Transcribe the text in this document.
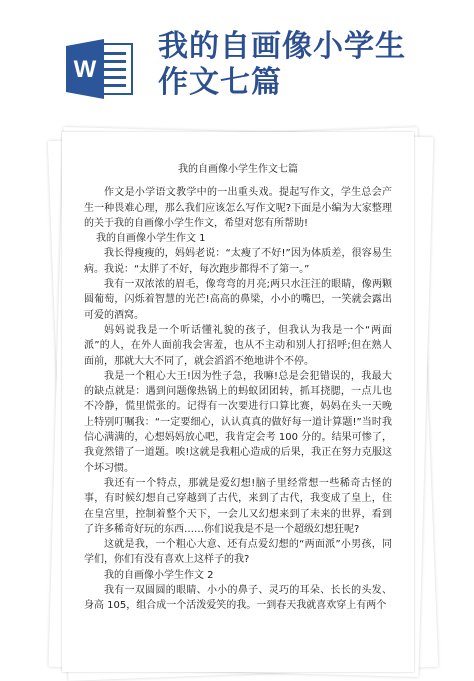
W
我的自画像小学生
作文七篇
我的自画像小学生作文七篇

作文是小学语文教学中的一出重头戏。提起写作文，学生总会产生一种畏难心理，那么我们应该怎么写作文呢?下面是小编为大家整理的关于我的自画像小学生作文，希望对您有所帮助!

我的自画像小学生作文 1

我长得瘦瘦的，妈妈老说：“太瘦了不好!”因为体质差，很容易生病。我说：“太胖了不好，每次跑步都得不了第一。”

我有一双浓浓的眉毛，像弯弯的月亮;两只水汪汪的眼睛，像两颗圆葡萄，闪烁着智慧的光芒!高高的鼻梁，小小的嘴巴，一笑就会露出可爱的酒窝。

妈妈说我是一个听话懂礼貌的孩子，但我认为我是一个“两面派”的人，在外人面前我会害羞，也从不主动和别人打招呼;但在熟人面前，那就大大不同了，就会滔滔不绝地讲个不停。

我是一个粗心大王!因为性子急，我嘛!总是会犯错误的，我最大的缺点就是：遇到问题像热锅上的蚂蚁团团转，抓耳挠腮，一点儿也不冷静，慌里慌张的。记得有一次要进行口算比赛，妈妈在头一天晚上特别叮嘱我：“一定要细心，认认真真的做好每一道计算题!”当时我信心满满的，心想妈妈放心吧，我肯定会考 100 分的。结果可惨了，我竟然错了一道题。唉!这就是我粗心造成的后果，我正在努力克服这个坏习惯。

我还有一个特点，那就是爱幻想!脑子里经常想一些稀奇古怪的事，有时候幻想自己穿越到了古代，来到了古代，我变成了皇上，住在皇宫里，控制着整个天下，一会儿又幻想来到了未来的世界，看到了许多稀奇好玩的东西……你们说我是不是一个超级幻想狂呢?

这就是我，一个粗心大意、还有点爱幻想的“两面派”小男孩，同学们，你们有没有喜欢上这样子的我?

我的自画像小学生作文 2

我有一双圆圆的眼睛、小小的鼻子、灵巧的耳朵、长长的头发、身高 105，组合成一个活泼爱笑的我。一到春天我就喜欢穿上有两个
